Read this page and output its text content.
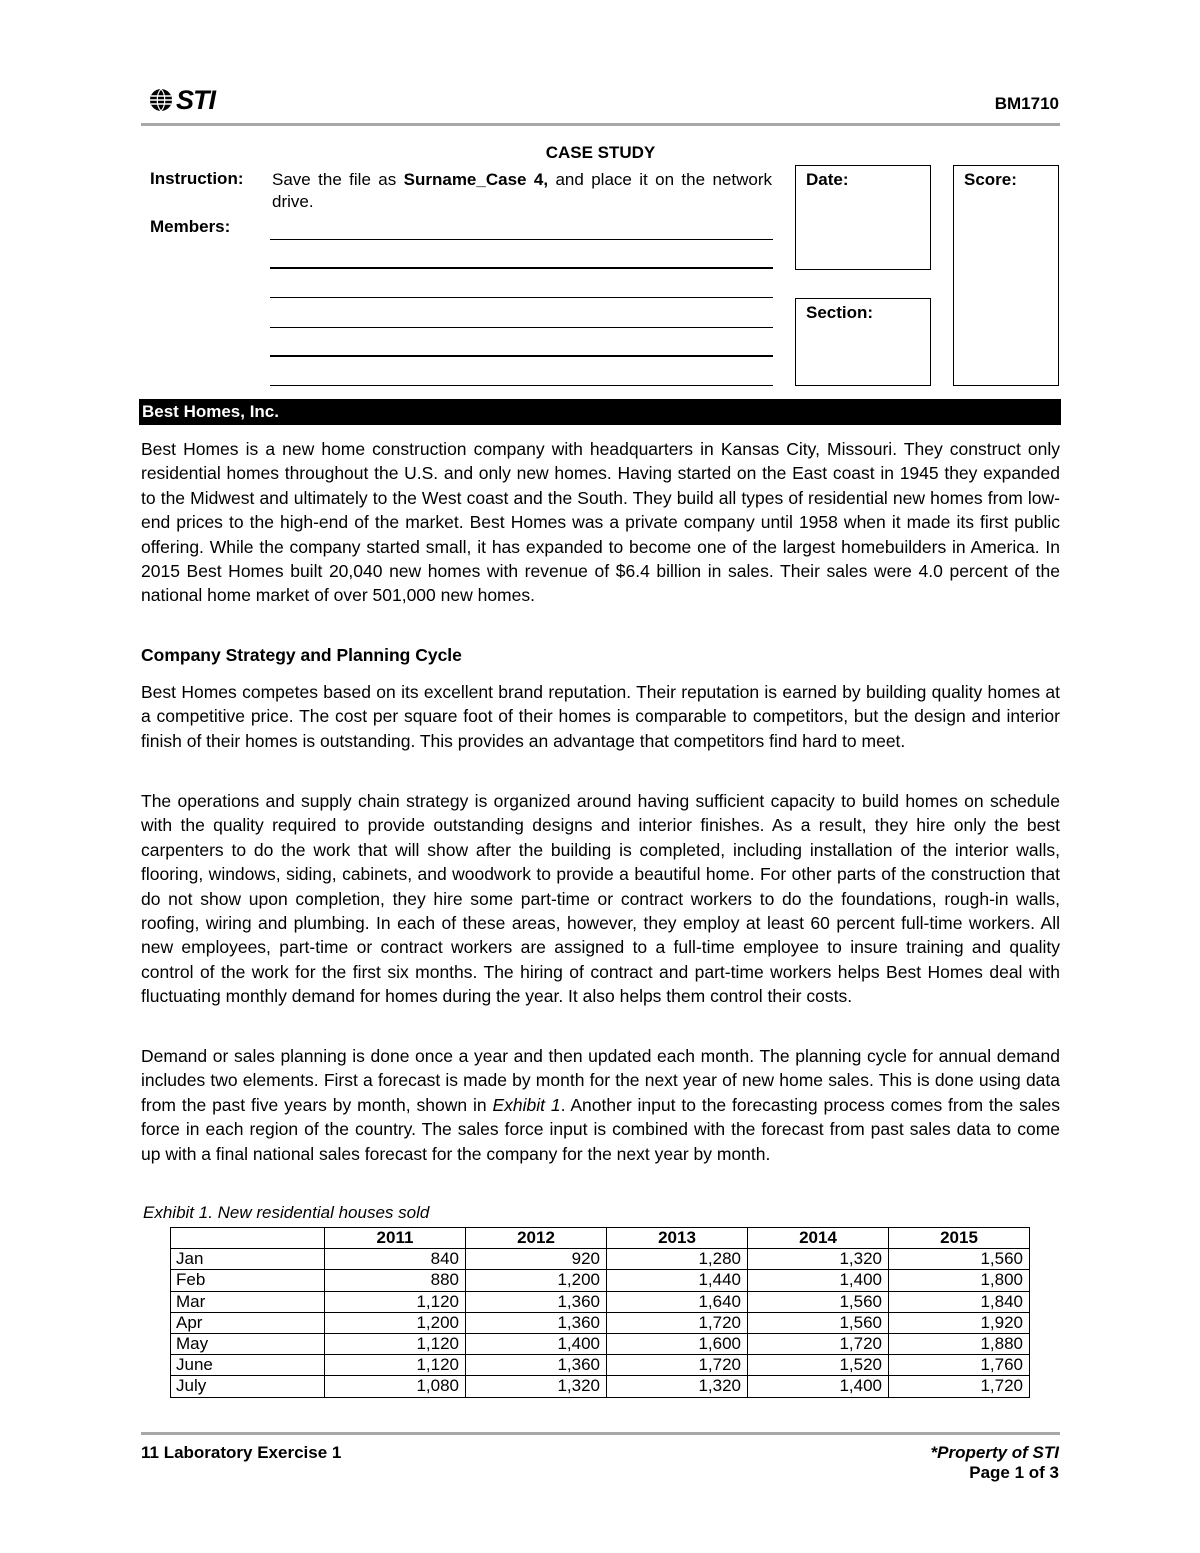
STI	BM1710
CASE STUDY
Instruction: Save the file as Surname_Case 4, and place it on the network drive.
Members:
Date:
Section:
Score:
Best Homes, Inc.

Best Homes is a new home construction company with headquarters in Kansas City, Missouri. They construct only residential homes throughout the U.S. and only new homes. Having started on the East coast in 1945 they expanded to the Midwest and ultimately to the West coast and the South. They build all types of residential new homes from low-end prices to the high-end of the market. Best Homes was a private company until 1958 when it made its first public offering. While the company started small, it has expanded to become one of the largest homebuilders in America. In 2015 Best Homes built 20,040 new homes with revenue of $6.4 billion in sales. Their sales were 4.0 percent of the national home market of over 501,000 new homes.

Company Strategy and Planning Cycle

Best Homes competes based on its excellent brand reputation. Their reputation is earned by building quality homes at a competitive price. The cost per square foot of their homes is comparable to competitors, but the design and interior finish of their homes is outstanding. This provides an advantage that competitors find hard to meet.

The operations and supply chain strategy is organized around having sufficient capacity to build homes on schedule with the quality required to provide outstanding designs and interior finishes. As a result, they hire only the best carpenters to do the work that will show after the building is completed, including installation of the interior walls, flooring, windows, siding, cabinets, and woodwork to provide a beautiful home. For other parts of the construction that do not show upon completion, they hire some part-time or contract workers to do the foundations, rough-in walls, roofing, wiring and plumbing. In each of these areas, however, they employ at least 60 percent full-time workers. All new employees, part-time or contract workers are assigned to a full-time employee to insure training and quality control of the work for the first six months. The hiring of contract and part-time workers helps Best Homes deal with fluctuating monthly demand for homes during the year. It also helps them control their costs.

Demand or sales planning is done once a year and then updated each month. The planning cycle for annual demand includes two elements. First a forecast is made by month for the next year of new home sales. This is done using data from the past five years by month, shown in Exhibit 1. Another input to the forecasting process comes from the sales force in each region of the country. The sales force input is combined with the forecast from past sales data to come up with a final national sales forecast for the company for the next year by month.

Exhibit 1. New residential houses sold
	2011	2012	2013	2014	2015
Jan	840	920	1,280	1,320	1,560
Feb	880	1,200	1,440	1,400	1,800
Mar	1,120	1,360	1,640	1,560	1,840
Apr	1,200	1,360	1,720	1,560	1,920
May	1,120	1,400	1,600	1,720	1,880
June	1,120	1,360	1,720	1,520	1,760
July	1,080	1,320	1,320	1,400	1,720
11 Laboratory Exercise 1	*Property of STI
Page 1 of 3
